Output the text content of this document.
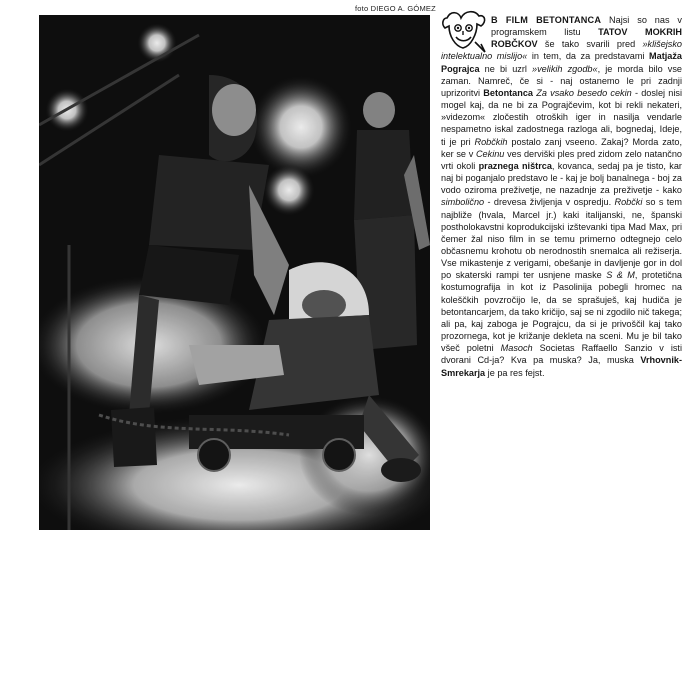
foto DIEGO A. GÓMEZ
B FILM BETONTANCA Najsi so nas v programskem listu TATOV MOKRIH ROBČKOV še tako svarili pred »klišejsko intelektualno mislijo« in tem, da za predstavami Matjaža Pograjca ne bi uzrl »velikih zgodb«, je morda bilo vse zaman. Namreč, če si - naj ostanemo le pri zadnji uprizoritvi Betontanca Za vsako besedo cekin - doslej nisi mogel kaj, da ne bi za Pograjčevim, kot bi rekli nekateri, »videzom« zločestih otroških iger in nasilja vendarle nespametno iskal zadostnega razloga ali, bognedaj, Ideje, ti je pri Robčkih postalo zanj vseeno. Zakaj? Morda zato, ker se v Cekinu ves derviški ples pred zidom zelo natančno vrti okoli praznega ništrca, kovanca, sedaj pa je tisto, kar naj bi poganjalo predstavo le - kaj je bolj banalnega - boj za vodo oziroma preživetje, ne nazadnje za preživetje - kako simbolično - drevesa življenja v ospredju. Robčki so s tem najbliže (hvala, Marcel jr.) kaki italijanski, ne, španski postholokavstni koprodukcijski izštevanki tipa Mad Max, pri čemer žal niso film in se temu primerno odtegnejo celo občasnemu krohotu ob nerodnostih snemalca ali režiserja. Vse mikastenje z verigami, obešanje in davljenje gor in dol po skaterski rampi ter usnjene maske S & M, protetična kostumografija in kot iz Pasolinija pobegli hromec na koleščkih povzročijo le, da se sprašuješ, kaj hudiča je betontancarjem, da tako kričijo, saj se ni zgodilo nič takega; ali pa, kaj zaboga je Pograjcu, da si je privoščil kaj tako prozornega, kot je križanje dekleta na sceni. Mu je bil tako všeč poletni Masoch Societas Raffaello Sanzio v isti dvorani Cd-ja? Kva pa muska? Ja, muska Vrhovnik-Smrekarja je pa res fejst.
